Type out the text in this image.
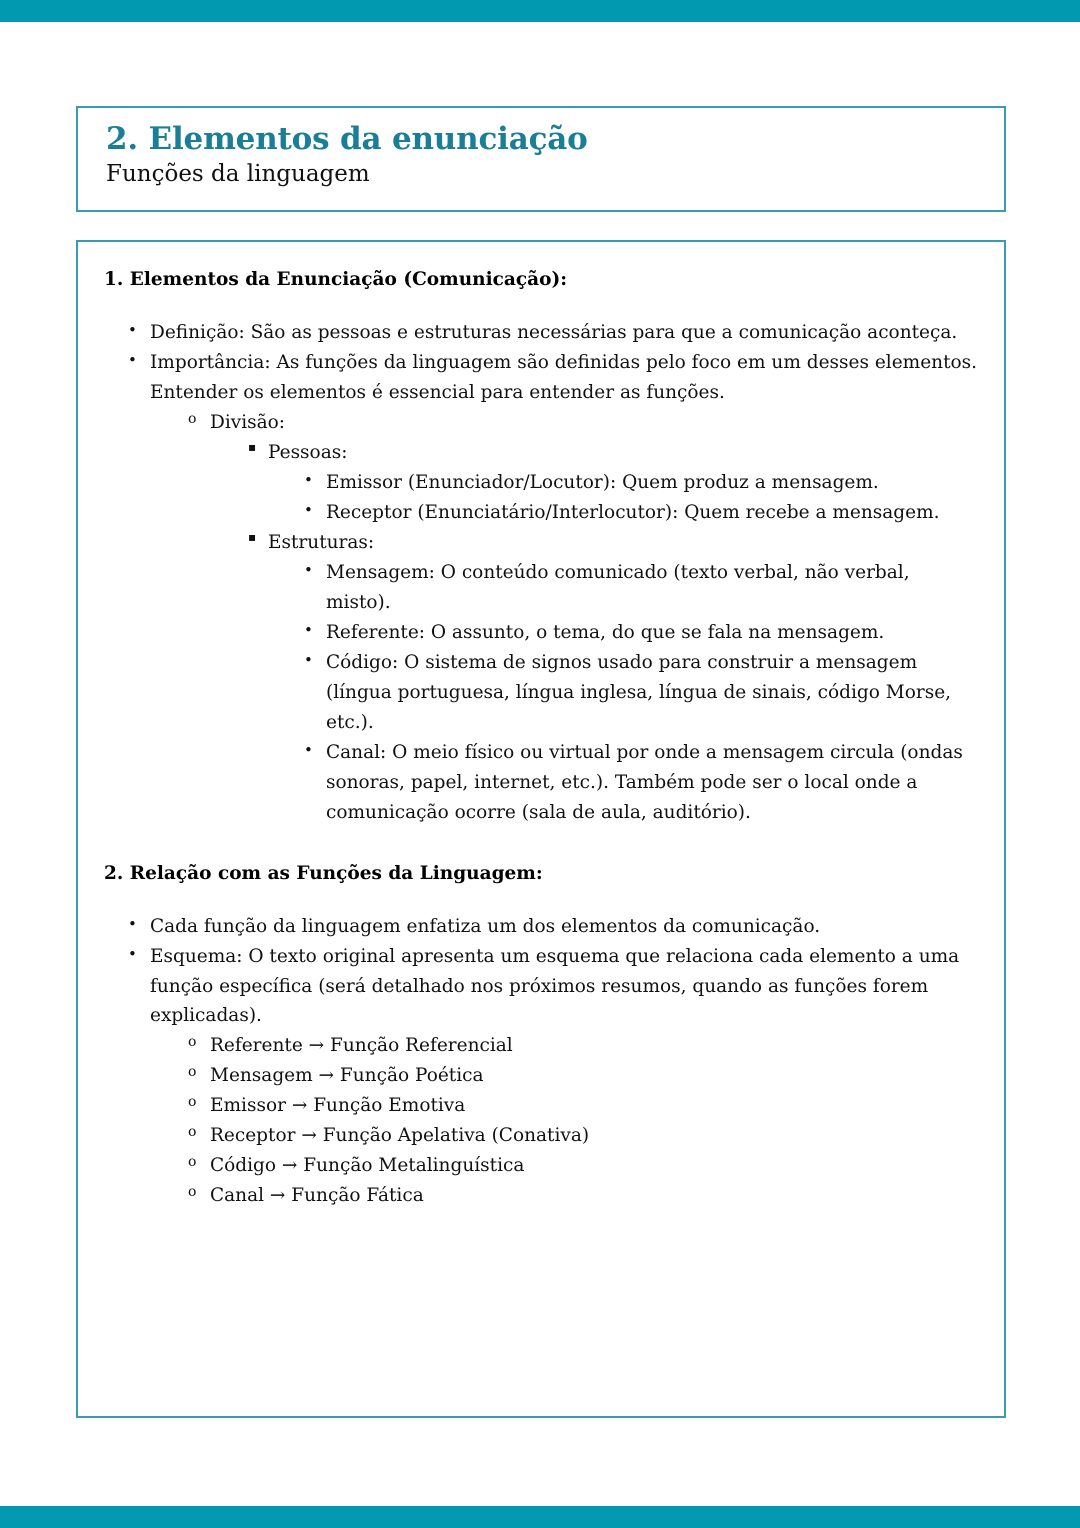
2. Elementos da enunciação
Funções da linguagem
1. Elementos da Enunciação (Comunicação):
• Definição: São as pessoas e estruturas necessárias para que a comunicação aconteça.
• Importância: As funções da linguagem são definidas pelo foco em um desses elementos. Entender os elementos é essencial para entender as funções.
o Divisão:
▪ Pessoas:
• Emissor (Enunciador/Locutor): Quem produz a mensagem.
• Receptor (Enunciatário/Interlocutor): Quem recebe a mensagem.
▪ Estruturas:
• Mensagem: O conteúdo comunicado (texto verbal, não verbal, misto).
• Referente: O assunto, o tema, do que se fala na mensagem.
• Código: O sistema de signos usado para construir a mensagem (língua portuguesa, língua inglesa, língua de sinais, código Morse, etc.).
• Canal: O meio físico ou virtual por onde a mensagem circula (ondas sonoras, papel, internet, etc.). Também pode ser o local onde a comunicação ocorre (sala de aula, auditório).
2. Relação com as Funções da Linguagem:
• Cada função da linguagem enfatiza um dos elementos da comunicação.
• Esquema: O texto original apresenta um esquema que relaciona cada elemento a uma função específica (será detalhado nos próximos resumos, quando as funções forem explicadas).
o Referente → Função Referencial
o Mensagem → Função Poética
o Emissor → Função Emotiva
o Receptor → Função Apelativa (Conativa)
o Código → Função Metalinguística
o Canal → Função Fática
